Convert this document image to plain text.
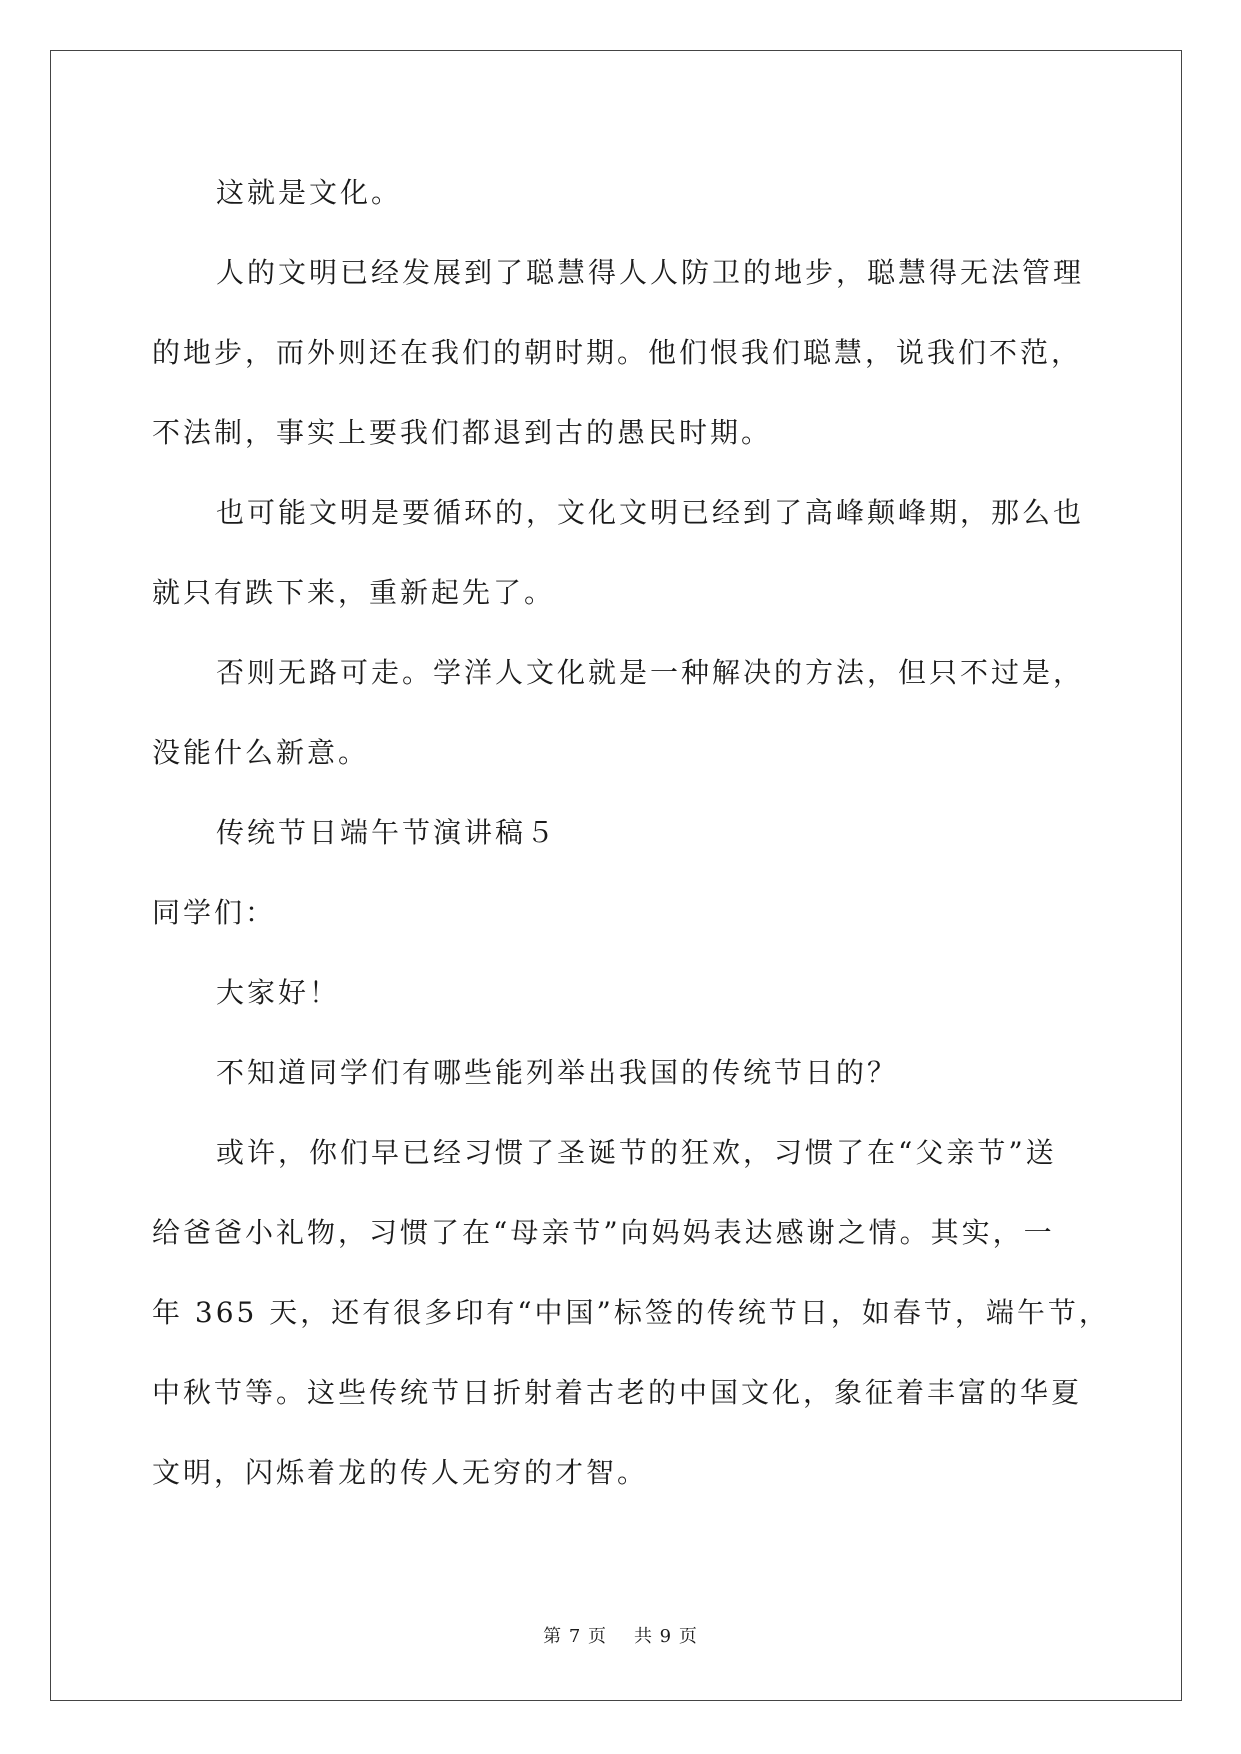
这就是文化。
人的文明已经发展到了聪慧得人人防卫的地步，聪慧得无法管理
的地步，而外则还在我们的朝时期。他们恨我们聪慧，说我们不范，
不法制，事实上要我们都退到古的愚民时期。
也可能文明是要循环的，文化文明已经到了高峰颠峰期，那么也
就只有跌下来，重新起先了。
否则无路可走。学洋人文化就是一种解决的方法，但只不过是，
没能什么新意。
传统节日端午节演讲稿５
同学们：
大家好！
不知道同学们有哪些能列举出我国的传统节日的？
或许，你们早已经习惯了圣诞节的狂欢，习惯了在“父亲节”送
给爸爸小礼物，习惯了在“母亲节”向妈妈表达感谢之情。其实，一
年 365 天，还有很多印有“中国”标签的传统节日，如春节，端午节，
中秋节等。这些传统节日折射着古老的中国文化，象征着丰富的华夏
文明，闪烁着龙的传人无穷的才智。
第 7 页    共 9 页
